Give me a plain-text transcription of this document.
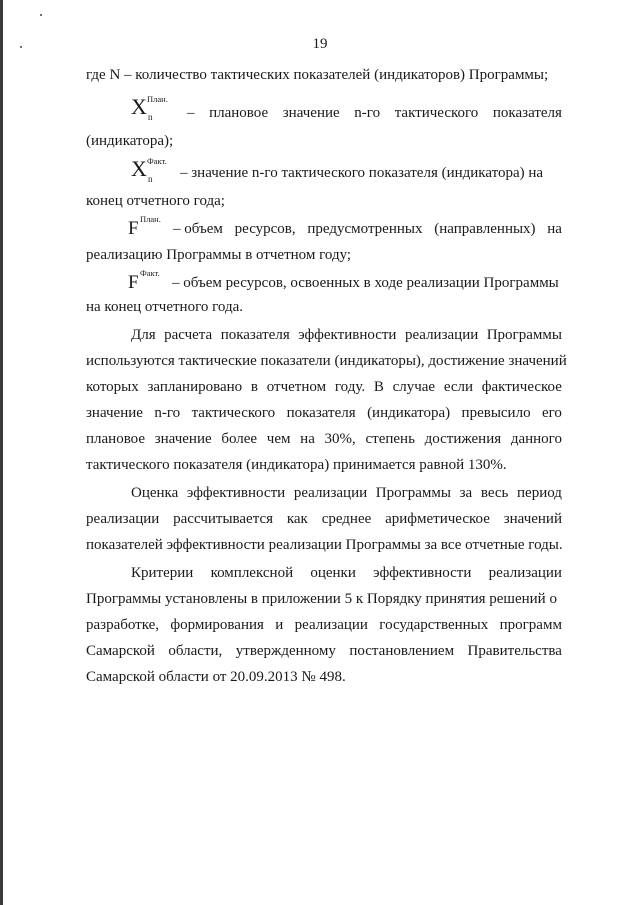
19
где N – количество тактических показателей (индикаторов) Программы;
X План.
n – плановое значение n-го тактического показателя
(индикатора);
X Факт.
n – значение n-го тактического показателя (индикатора) на
конец отчетного года;
F План.
– объем ресурсов, предусмотренных (направленных) на
реализацию Программы в отчетном году;
F Факт.
– объем ресурсов, освоенных в ходе реализации Программы
на конец отчетного года.
Для расчета показателя эффективности реализации Программы
используются тактические показатели (индикаторы), достижение значений
которых запланировано в отчетном году. В случае если фактическое
значение n-го тактического показателя (индикатора) превысило его
плановое значение более чем на 30%, степень достижения данного
тактического показателя (индикатора) принимается равной 130%.
Оценка эффективности реализации Программы за весь период
реализации рассчитывается как среднее арифметическое значений
показателей эффективности реализации Программы за все отчетные годы.
Критерии комплексной оценки эффективности реализации
Программы установлены в приложении 5 к Порядку принятия решений о
разработке, формирования и реализации государственных программ
Самарской области, утвержденному постановлением Правительства
Самарской области от 20.09.2013 № 498.
